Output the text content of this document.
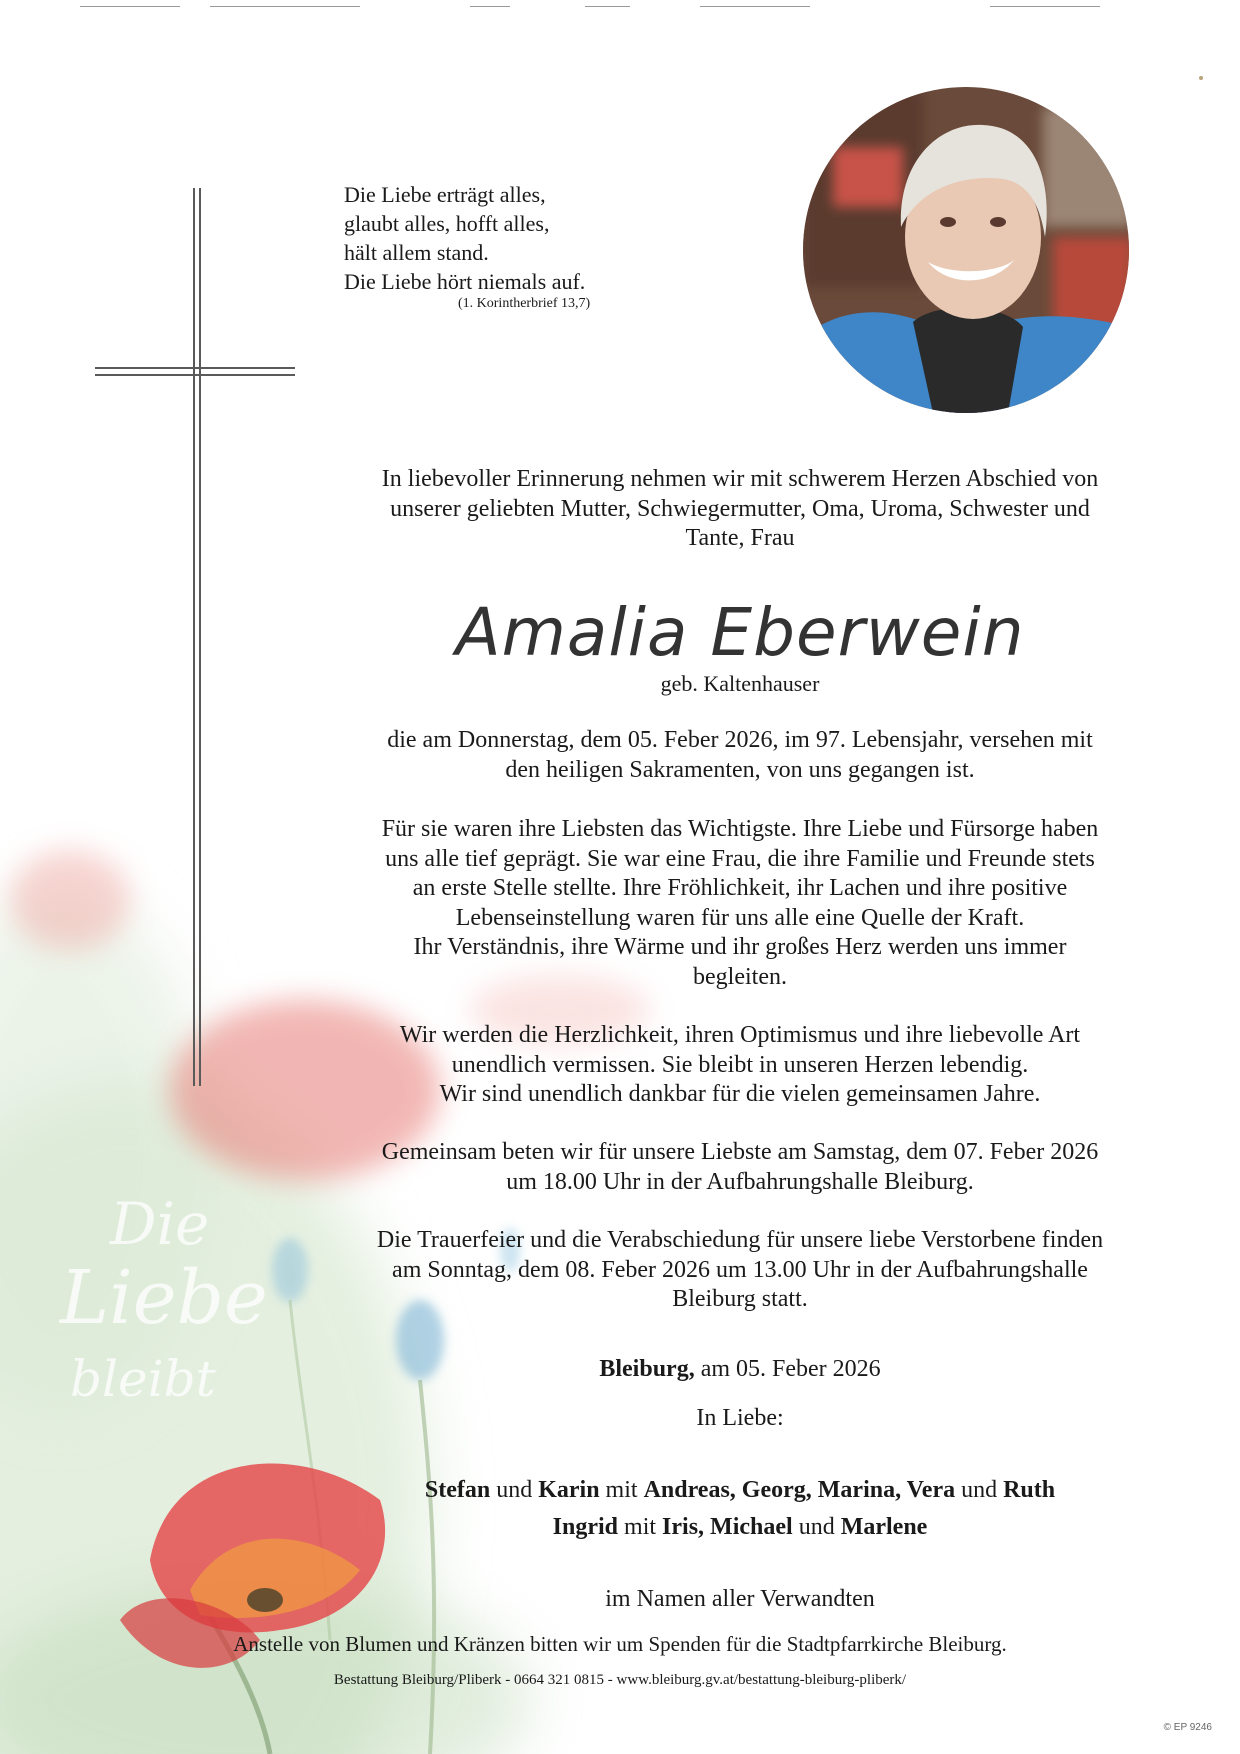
Die Liebe erträgt alles,
glaubt alles, hofft alles,
hält allem stand.
Die Liebe hört niemals auf.
(1. Korintherbrief 13,7)
In liebevoller Erinnerung nehmen wir mit schwerem Herzen Abschied von
unserer geliebten Mutter, Schwiegermutter, Oma, Uroma, Schwester und
Tante, Frau
Amalia Eberwein
geb. Kaltenhauser
die am Donnerstag, dem 05. Feber 2026, im 97. Lebensjahr, versehen mit
den heiligen Sakramenten, von uns gegangen ist.
Für sie waren ihre Liebsten das Wichtigste. Ihre Liebe und Fürsorge haben
uns alle tief geprägt. Sie war eine Frau, die ihre Familie und Freunde stets
an erste Stelle stellte. Ihre Fröhlichkeit, ihr Lachen und ihre positive
Lebenseinstellung waren für uns alle eine Quelle der Kraft.
Ihr Verständnis, ihre Wärme und ihr großes Herz werden uns immer
begleiten.
Wir werden die Herzlichkeit, ihren Optimismus und ihre liebevolle Art
unendlich vermissen. Sie bleibt in unseren Herzen lebendig.
Wir sind unendlich dankbar für die vielen gemeinsamen Jahre.
Gemeinsam beten wir für unsere Liebste am Samstag, dem 07. Feber 2026
um 18.00 Uhr in der Aufbahrungshalle Bleiburg.
Die Trauerfeier und die Verabschiedung für unsere liebe Verstorbene finden
am Sonntag, dem 08. Feber 2026 um 13.00 Uhr in der Aufbahrungshalle
Bleiburg statt.
Bleiburg, am 05. Feber 2026
In Liebe:
Stefan und Karin mit Andreas, Georg, Marina, Vera und Ruth
Ingrid mit Iris, Michael und Marlene
im Namen aller Verwandten
Anstelle von Blumen und Kränzen bitten wir um Spenden für die Stadtpfarrkirche Bleiburg.
Bestattung Bleiburg/Pliberk - 0664 321 0815 - www.bleiburg.gv.at/bestattung-bleiburg-pliberk/
Die
Liebe
bleibt
© EP 9246
